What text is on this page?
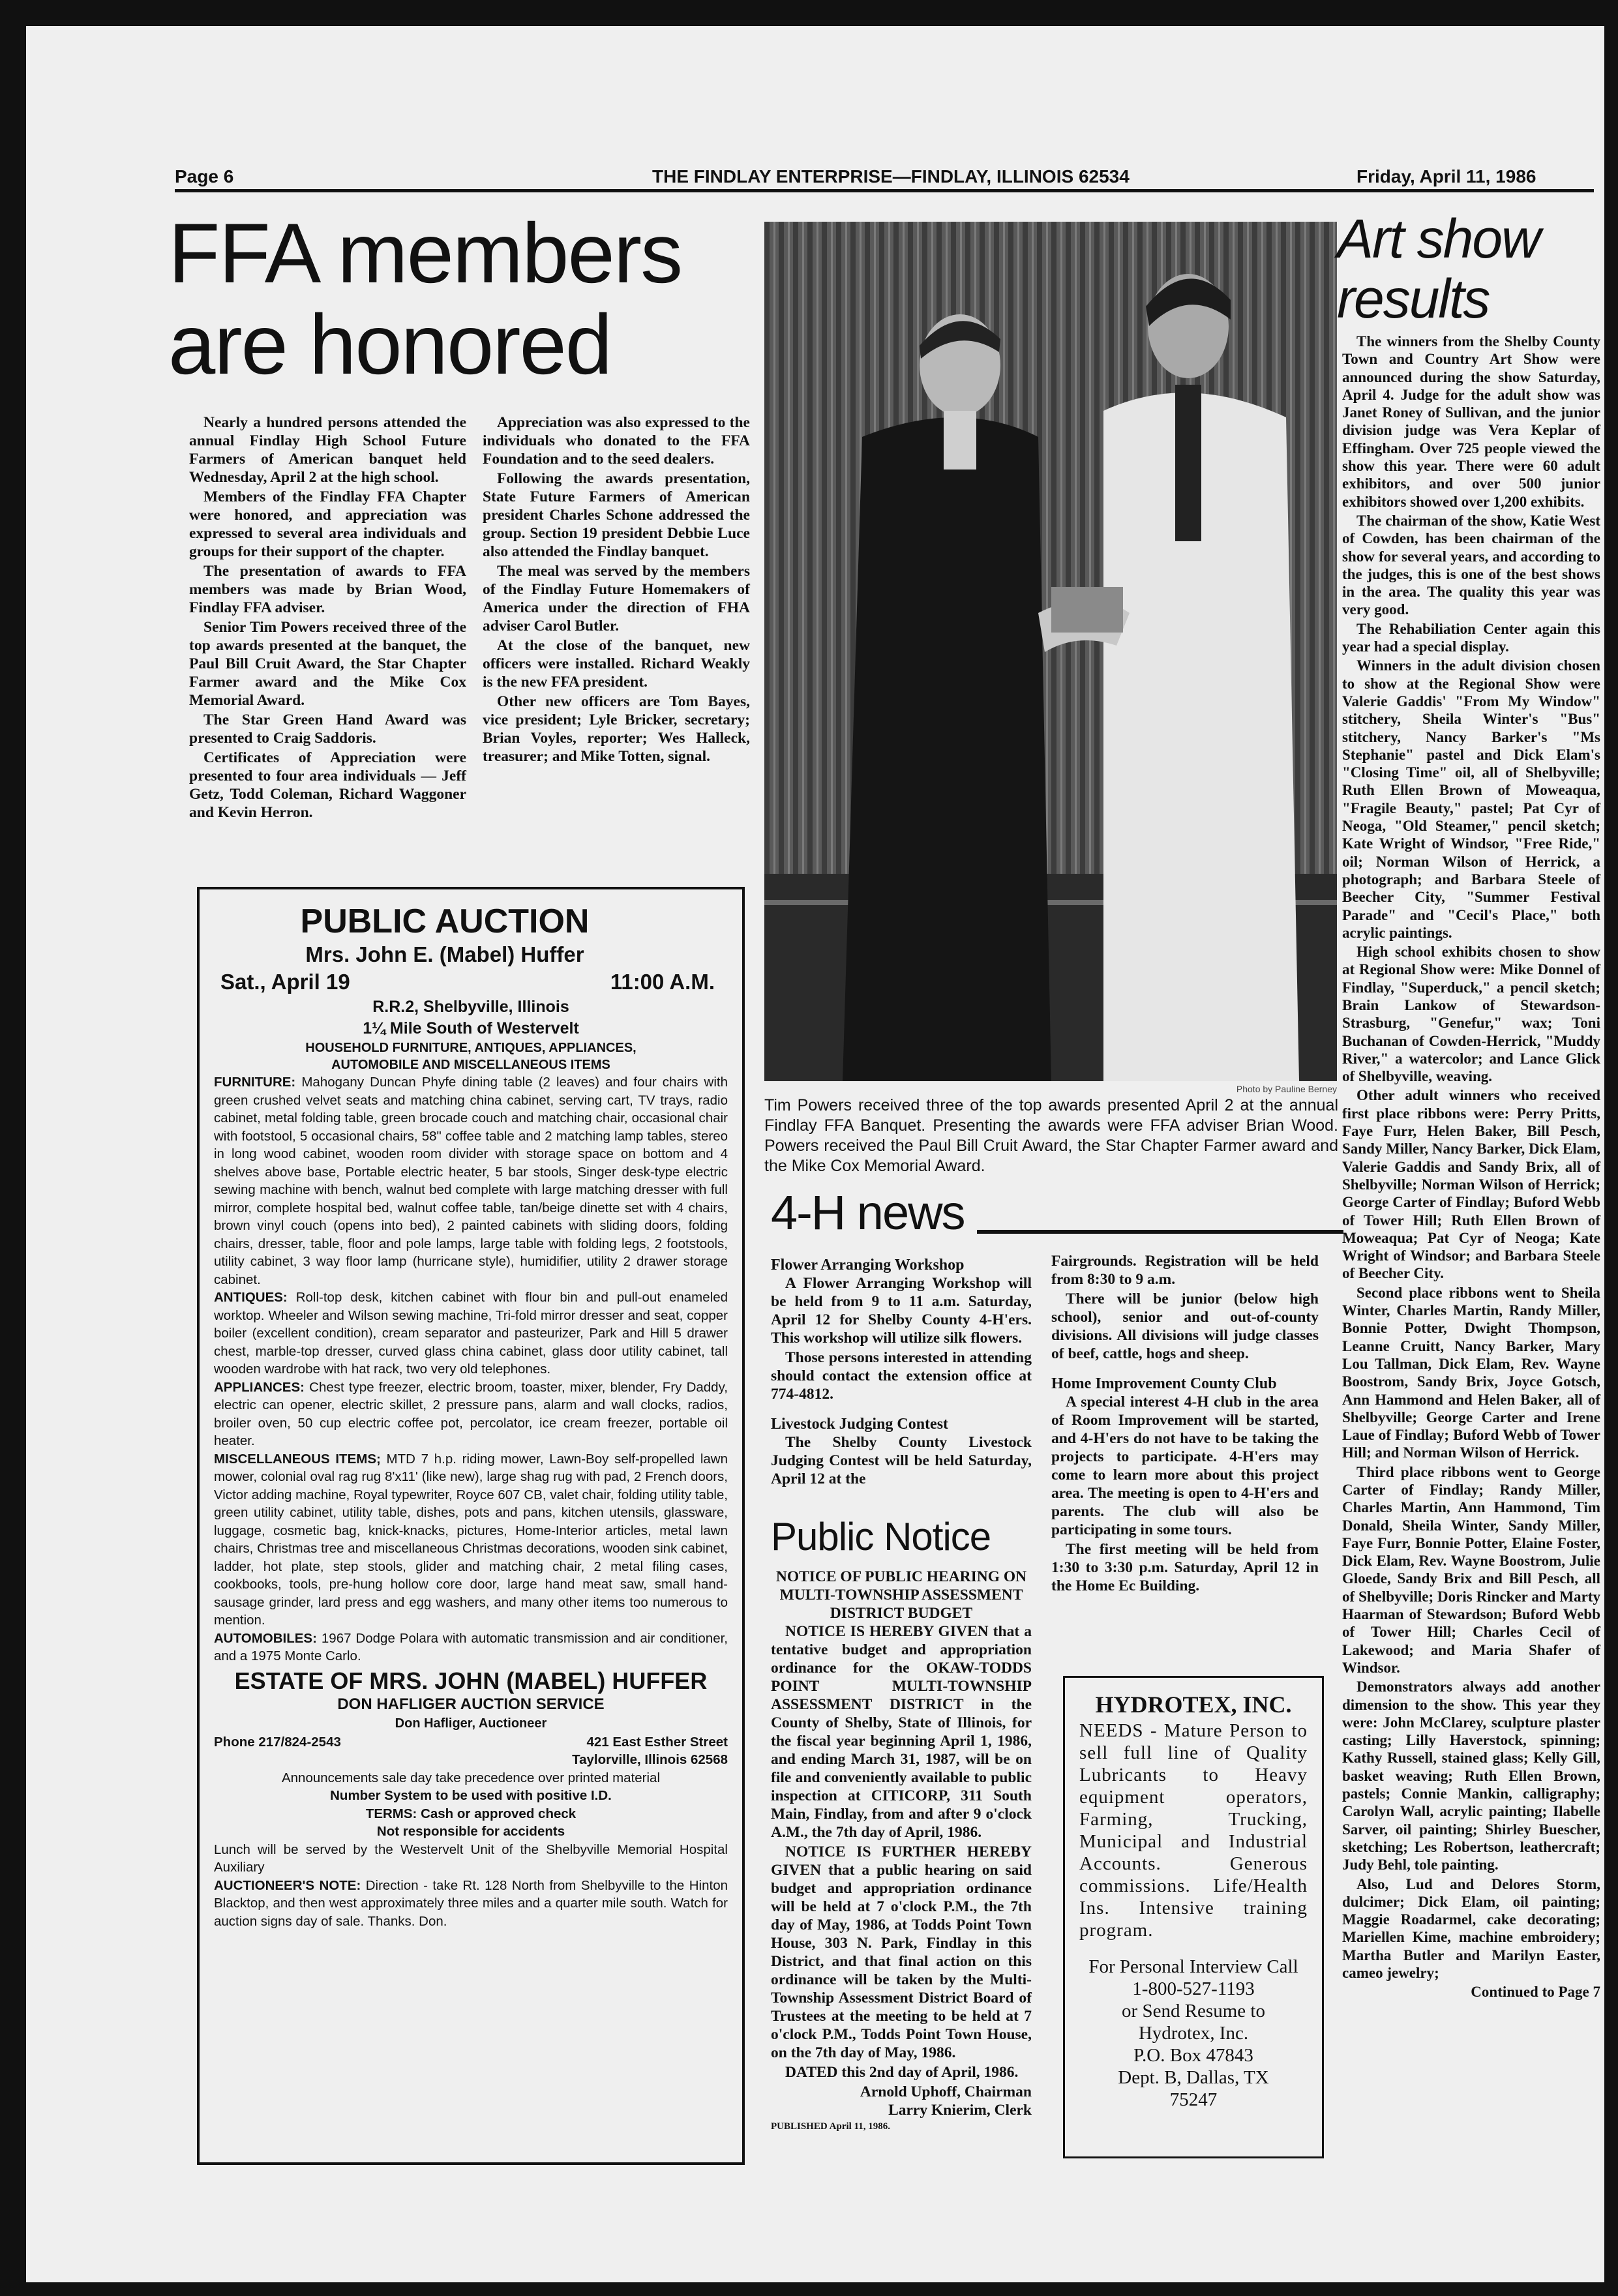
Page 6	THE FINDLAY ENTERPRISE—FINDLAY, ILLINOIS 62534	Friday, April 11, 1986
FFA members
are honored

Nearly a hundred persons attended the annual Findlay High School Future Farmers of American banquet held Wednesday, April 2 at the high school.

Members of the Findlay FFA Chapter were honored, and appreciation was expressed to several area individuals and groups for their support of the chapter.

The presentation of awards to FFA members was made by Brian Wood, Findlay FFA adviser.

Senior Tim Powers received three of the top awards presented at the banquet, the Paul Bill Cruit Award, the Star Chapter Farmer award and the Mike Cox Memorial Award.

The Star Green Hand Award was presented to Craig Saddoris.

Certificates of Appreciation were presented to four area individuals — Jeff Getz, Todd Coleman, Richard Waggoner and Kevin Herron.

Appreciation was also expressed to the individuals who donated to the FFA Foundation and to the seed dealers.

Following the awards presentation, State Future Farmers of American president Charles Schone addressed the group. Section 19 president Debbie Luce also attended the Findlay banquet.

The meal was served by the members of the Findlay Future Homemakers of America under the direction of FHA adviser Carol Butler.

At the close of the banquet, new officers were installed. Richard Weakly is the new FFA president.

Other new officers are Tom Bayes, vice president; Lyle Bricker, secretary; Brian Voyles, reporter; Wes Halleck, treasurer; and Mike Totten, signal.

PUBLIC AUCTION
Mrs. John E. (Mabel) Huffer
Sat., April 19	11:00 A.M.
R.R.2, Shelbyville, Illinois
1¼ Mile South of Westervelt
HOUSEHOLD FURNITURE, ANTIQUES, APPLIANCES,
AUTOMOBILE AND MISCELLANEOUS ITEMS
FURNITURE: Mahogany Duncan Phyfe dining table (2 leaves) and four chairs with green crushed velvet seats and matching china cabinet, serving cart, TV trays, radio cabinet, metal folding table, green brocade couch and matching chair, occasional chair with footstool, 5 occasional chairs, 58" coffee table and 2 matching lamp tables, stereo in long wood cabinet, wooden room divider with storage space on bottom and 4 shelves above base, Portable electric heater, 5 bar stools, Singer desk-type electric sewing machine with bench, walnut bed complete with large matching dresser with full mirror, complete hospital bed, walnut coffee table, tan/beige dinette set with 4 chairs, brown vinyl couch (opens into bed), 2 painted cabinets with sliding doors, folding chairs, dresser, table, floor and pole lamps, large table with folding legs, 2 footstools, utility cabinet, 3 way floor lamp (hurricane style), humidifier, utility 2 drawer storage cabinet.
ANTIQUES: Roll-top desk, kitchen cabinet with flour bin and pull-out enameled worktop. Wheeler and Wilson sewing machine, Tri-fold mirror dresser and seat, copper boiler (excellent condition), cream separator and pasteurizer, Park and Hill 5 drawer chest, marble-top dresser, curved glass china cabinet, glass door utility cabinet, tall wooden wardrobe with hat rack, two very old telephones.
APPLIANCES: Chest type freezer, electric broom, toaster, mixer, blender, Fry Daddy, electric can opener, electric skillet, 2 pressure pans, alarm and wall clocks, radios, broiler oven, 50 cup electric coffee pot, percolator, ice cream freezer, portable oil heater.
MISCELLANEOUS ITEMS; MTD 7 h.p. riding mower, Lawn-Boy self-propelled lawn mower, colonial oval rag rug 8'x11' (like new), large shag rug with pad, 2 French doors, Victor adding machine, Royal typewriter, Royce 607 CB, valet chair, folding utility table, green utility cabinet, utility table, dishes, pots and pans, kitchen utensils, glassware, luggage, cosmetic bag, knick-knacks, pictures, Home-Interior articles, metal lawn chairs, Christmas tree and miscellaneous Christmas decorations, wooden sink cabinet, ladder, hot plate, step stools, glider and matching chair, 2 metal filing cases, cookbooks, tools, pre-hung hollow core door, large hand meat saw, small hand-sausage grinder, lard press and egg washers, and many other items too numerous to mention.
AUTOMOBILES: 1967 Dodge Polara with automatic transmission and air conditioner, and a 1975 Monte Carlo.
ESTATE OF MRS. JOHN (MABEL) HUFFER
DON HAFLIGER AUCTION SERVICE
Don Hafliger, Auctioneer
Phone 217/824-2543	421 East Esther Street
Taylorville, Illinois 62568
Announcements sale day take precedence over printed material
Number System to be used with positive I.D.
TERMS: Cash or approved check
Not responsible for accidents
Lunch will be served by the Westervelt Unit of the Shelbyville Memorial Hospital Auxiliary
AUCTIONEER'S NOTE: Direction - take Rt. 128 North from Shelbyville to the Hinton Blacktop, and then west approximately three miles and a quarter mile south. Watch for auction signs day of sale. Thanks. Don.
Photo by Pauline Berney
Tim Powers received three of the top awards presented April 2 at the annual Findlay FFA Banquet. Presenting the awards were FFA adviser Brian Wood. Powers received the Paul Bill Cruit Award, the Star Chapter Farmer award and the Mike Cox Memorial Award.
4-H news
Flower Arranging Workshop

A Flower Arranging Workshop will be held from 9 to 11 a.m. Saturday, April 12 for Shelby County 4-H'ers. This workshop will utilize silk flowers.

Those persons interested in attending should contact the extension office at 774-4812.

Livestock Judging Contest

The Shelby County Livestock Judging Contest will be held Saturday, April 12 at the

Public Notice
NOTICE OF PUBLIC HEARING ON
MULTI-TOWNSHIP ASSESSMENT
DISTRICT BUDGET

NOTICE IS HEREBY GIVEN that a tentative budget and appropriation ordinance for the OKAW-TODDS POINT MULTI-TOWNSHIP ASSESSMENT DISTRICT in the County of Shelby, State of Illinois, for the fiscal year beginning April 1, 1986, and ending March 31, 1987, will be on file and conveniently available to public inspection at CITICORP, 311 South Main, Findlay, from and after 9 o'clock A.M., the 7th day of April, 1986.

NOTICE IS FURTHER HEREBY GIVEN that a public hearing on said budget and appropriation ordinance will be held at 7 o'clock P.M., the 7th day of May, 1986, at Todds Point Town House, 303 N. Park, Findlay in this District, and that final action on this ordinance will be taken by the Multi-Township Assessment District Board of Trustees at the meeting to be held at 7 o'clock P.M., Todds Point Town House, on the 7th day of May, 1986.

DATED this 2nd day of April, 1986.

Arnold Uphoff, Chairman
Larry Knierim, Clerk
PUBLISHED April 11, 1986.

Fairgrounds. Registration will be held from 8:30 to 9 a.m.

There will be junior (below high school), senior and out-of-county divisions. All divisions will judge classes of beef, cattle, hogs and sheep.

Home Improvement County Club

A special interest 4-H club in the area of Room Improvement will be started, and 4-H'ers do not have to be taking the projects to participate. 4-H'ers may come to learn more about this project area. The meeting is open to 4-H'ers and parents. The club will also be participating in some tours.

The first meeting will be held from 1:30 to 3:30 p.m. Saturday, April 12 in the Home Ec Building.

HYDROTEX, INC.
NEEDS - Mature Person to sell full line of Quality Lubricants to Heavy equipment operators, Farming, Trucking, Municipal and Industrial Accounts. Generous commissions. Life/Health Ins. Intensive training program.
For Personal Interview Call
1-800-527-1193
or Send Resume to
Hydrotex, Inc.
P.O. Box 47843
Dept. B, Dallas, TX
75247
Art show
results

The winners from the Shelby County Town and Country Art Show were announced during the show Saturday, April 4. Judge for the adult show was Janet Roney of Sullivan, and the junior division judge was Vera Keplar of Effingham. Over 725 people viewed the show this year. There were 60 adult exhibitors, and over 500 junior exhibitors showed over 1,200 exhibits.

The chairman of the show, Katie West of Cowden, has been chairman of the show for several years, and according to the judges, this is one of the best shows in the area. The quality this year was very good.

The Rehabiliation Center again this year had a special display.

Winners in the adult division chosen to show at the Regional Show were Valerie Gaddis' "From My Window" stitchery, Sheila Winter's "Bus" stitchery, Nancy Barker's "Ms Stephanie" pastel and Dick Elam's "Closing Time" oil, all of Shelbyville; Ruth Ellen Brown of Moweaqua, "Fragile Beauty," pastel; Pat Cyr of Neoga, "Old Steamer," pencil sketch; Kate Wright of Windsor, "Free Ride," oil; Norman Wilson of Herrick, a photograph; and Barbara Steele of Beecher City, "Summer Festival Parade" and "Cecil's Place," both acrylic paintings.

High school exhibits chosen to show at Regional Show were: Mike Donnel of Findlay, "Superduck," a pencil sketch; Brain Lankow of Stewardson-Strasburg, "Genefur," wax; Toni Buchanan of Cowden-Herrick, "Muddy River," a watercolor; and Lance Glick of Shelbyville, weaving.

Other adult winners who received first place ribbons were: Perry Pritts, Faye Furr, Helen Baker, Bill Pesch, Sandy Miller, Nancy Barker, Dick Elam, Valerie Gaddis and Sandy Brix, all of Shelbyville; Norman Wilson of Herrick; George Carter of Findlay; Buford Webb of Tower Hill; Ruth Ellen Brown of Moweaqua; Pat Cyr of Neoga; Kate Wright of Windsor; and Barbara Steele of Beecher City.

Second place ribbons went to Sheila Winter, Charles Martin, Randy Miller, Bonnie Potter, Dwight Thompson, Leanne Cruitt, Nancy Barker, Mary Lou Tallman, Dick Elam, Rev. Wayne Boostrom, Sandy Brix, Joyce Gotsch, Ann Hammond and Helen Baker, all of Shelbyville; George Carter and Irene Laue of Findlay; Buford Webb of Tower Hill; and Norman Wilson of Herrick.

Third place ribbons went to George Carter of Findlay; Randy Miller, Charles Martin, Ann Hammond, Tim Donald, Sheila Winter, Sandy Miller, Faye Furr, Bonnie Potter, Elaine Foster, Dick Elam, Rev. Wayne Boostrom, Julie Gloede, Sandy Brix and Bill Pesch, all of Shelbyville; Doris Rincker and Marty Haarman of Stewardson; Buford Webb of Tower Hill; Charles Cecil of Lakewood; and Maria Shafer of Windsor.

Demonstrators always add another dimension to the show. This year they were: John McClarey, sculpture plaster casting; Lilly Haverstock, spinning; Kathy Russell, stained glass; Kelly Gill, basket weaving; Ruth Ellen Brown, pastels; Connie Mankin, calligraphy; Carolyn Wall, acrylic painting; Ilabelle Sarver, oil painting; Shirley Buescher, sketching; Les Robertson, leathercraft; Judy Behl, tole painting.

Also, Lud and Delores Storm, dulcimer; Dick Elam, oil painting; Maggie Roadarmel, cake decorating; Mariellen Kime, machine embroidery; Martha Butler and Marilyn Easter, cameo jewelry;

Continued to Page 7
